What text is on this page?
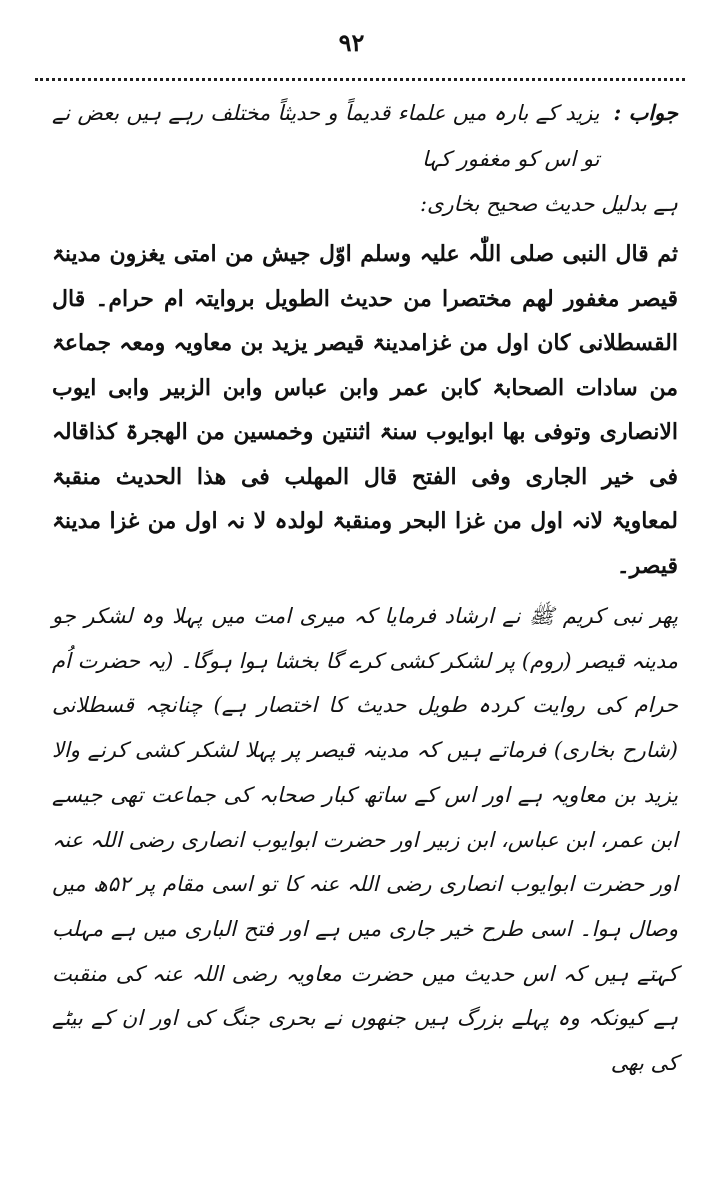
۹۲
جواب :
یزید کے بارہ میں علماء قدیماً و حدیثاً مختلف رہے ہیں بعض نے تو اس کو مغفور کہا
ہے بدلیل حدیث صحیح بخاری:
ثم قال النبی صلی اللّٰہ علیہ وسلم اوّل جیش من امتی یغزون مدینۃ قیصر مغفور لھم مختصرا من حدیث الطویل بروایتہ ام حرام۔ قال القسطلانی کان اول من غزامدینۃ قیصر یزید بن معاویہ ومعہ جماعۃ من سادات الصحابۃ کابن عمر وابن عباس وابن الزبیر وابی ایوب الانصاری وتوفی بھا ابوایوب سنۃ اثنتین وخمسین من الھجرۃ کذاقالہ فی خیر الجاری وفی الفتح قال المھلب فی ھذا الحدیث منقبۃ لمعاویۃ لانہ اول من غزا البحر ومنقبۃ لولدہ لا نہ اول من غزا مدینۃ قیصر۔
پھر نبی کریم ﷺ نے ارشاد فرمایا کہ میری امت میں پہلا وہ لشکر جو مدینہ قیصر (روم) پر لشکر کشی کرے گا بخشا ہوا ہوگا۔ (یہ حضرت اُم حرام کی روایت کردہ طویل حدیث کا اختصار ہے) چنانچہ قسطلانی (شارح بخاری) فرماتے ہیں کہ مدینہ قیصر پر پہلا لشکر کشی کرنے والا یزید بن معاویہ ہے اور اس کے ساتھ کبار صحابہ کی جماعت تھی جیسے ابن عمر، ابن عباس، ابن زبیر اور حضرت ابوایوب انصاری رضی اللہ عنہ اور حضرت ابوایوب انصاری رضی اللہ عنہ کا تو اسی مقام پر ۵۲ھ میں وصال ہوا۔ اسی طرح خیر جاری میں ہے اور فتح الباری میں ہے مہلب کہتے ہیں کہ اس حدیث میں حضرت معاویہ رضی اللہ عنہ کی منقبت ہے کیونکہ وہ پہلے بزرگ ہیں جنھوں نے بحری جنگ کی اور ان کے بیٹے کی بھی
